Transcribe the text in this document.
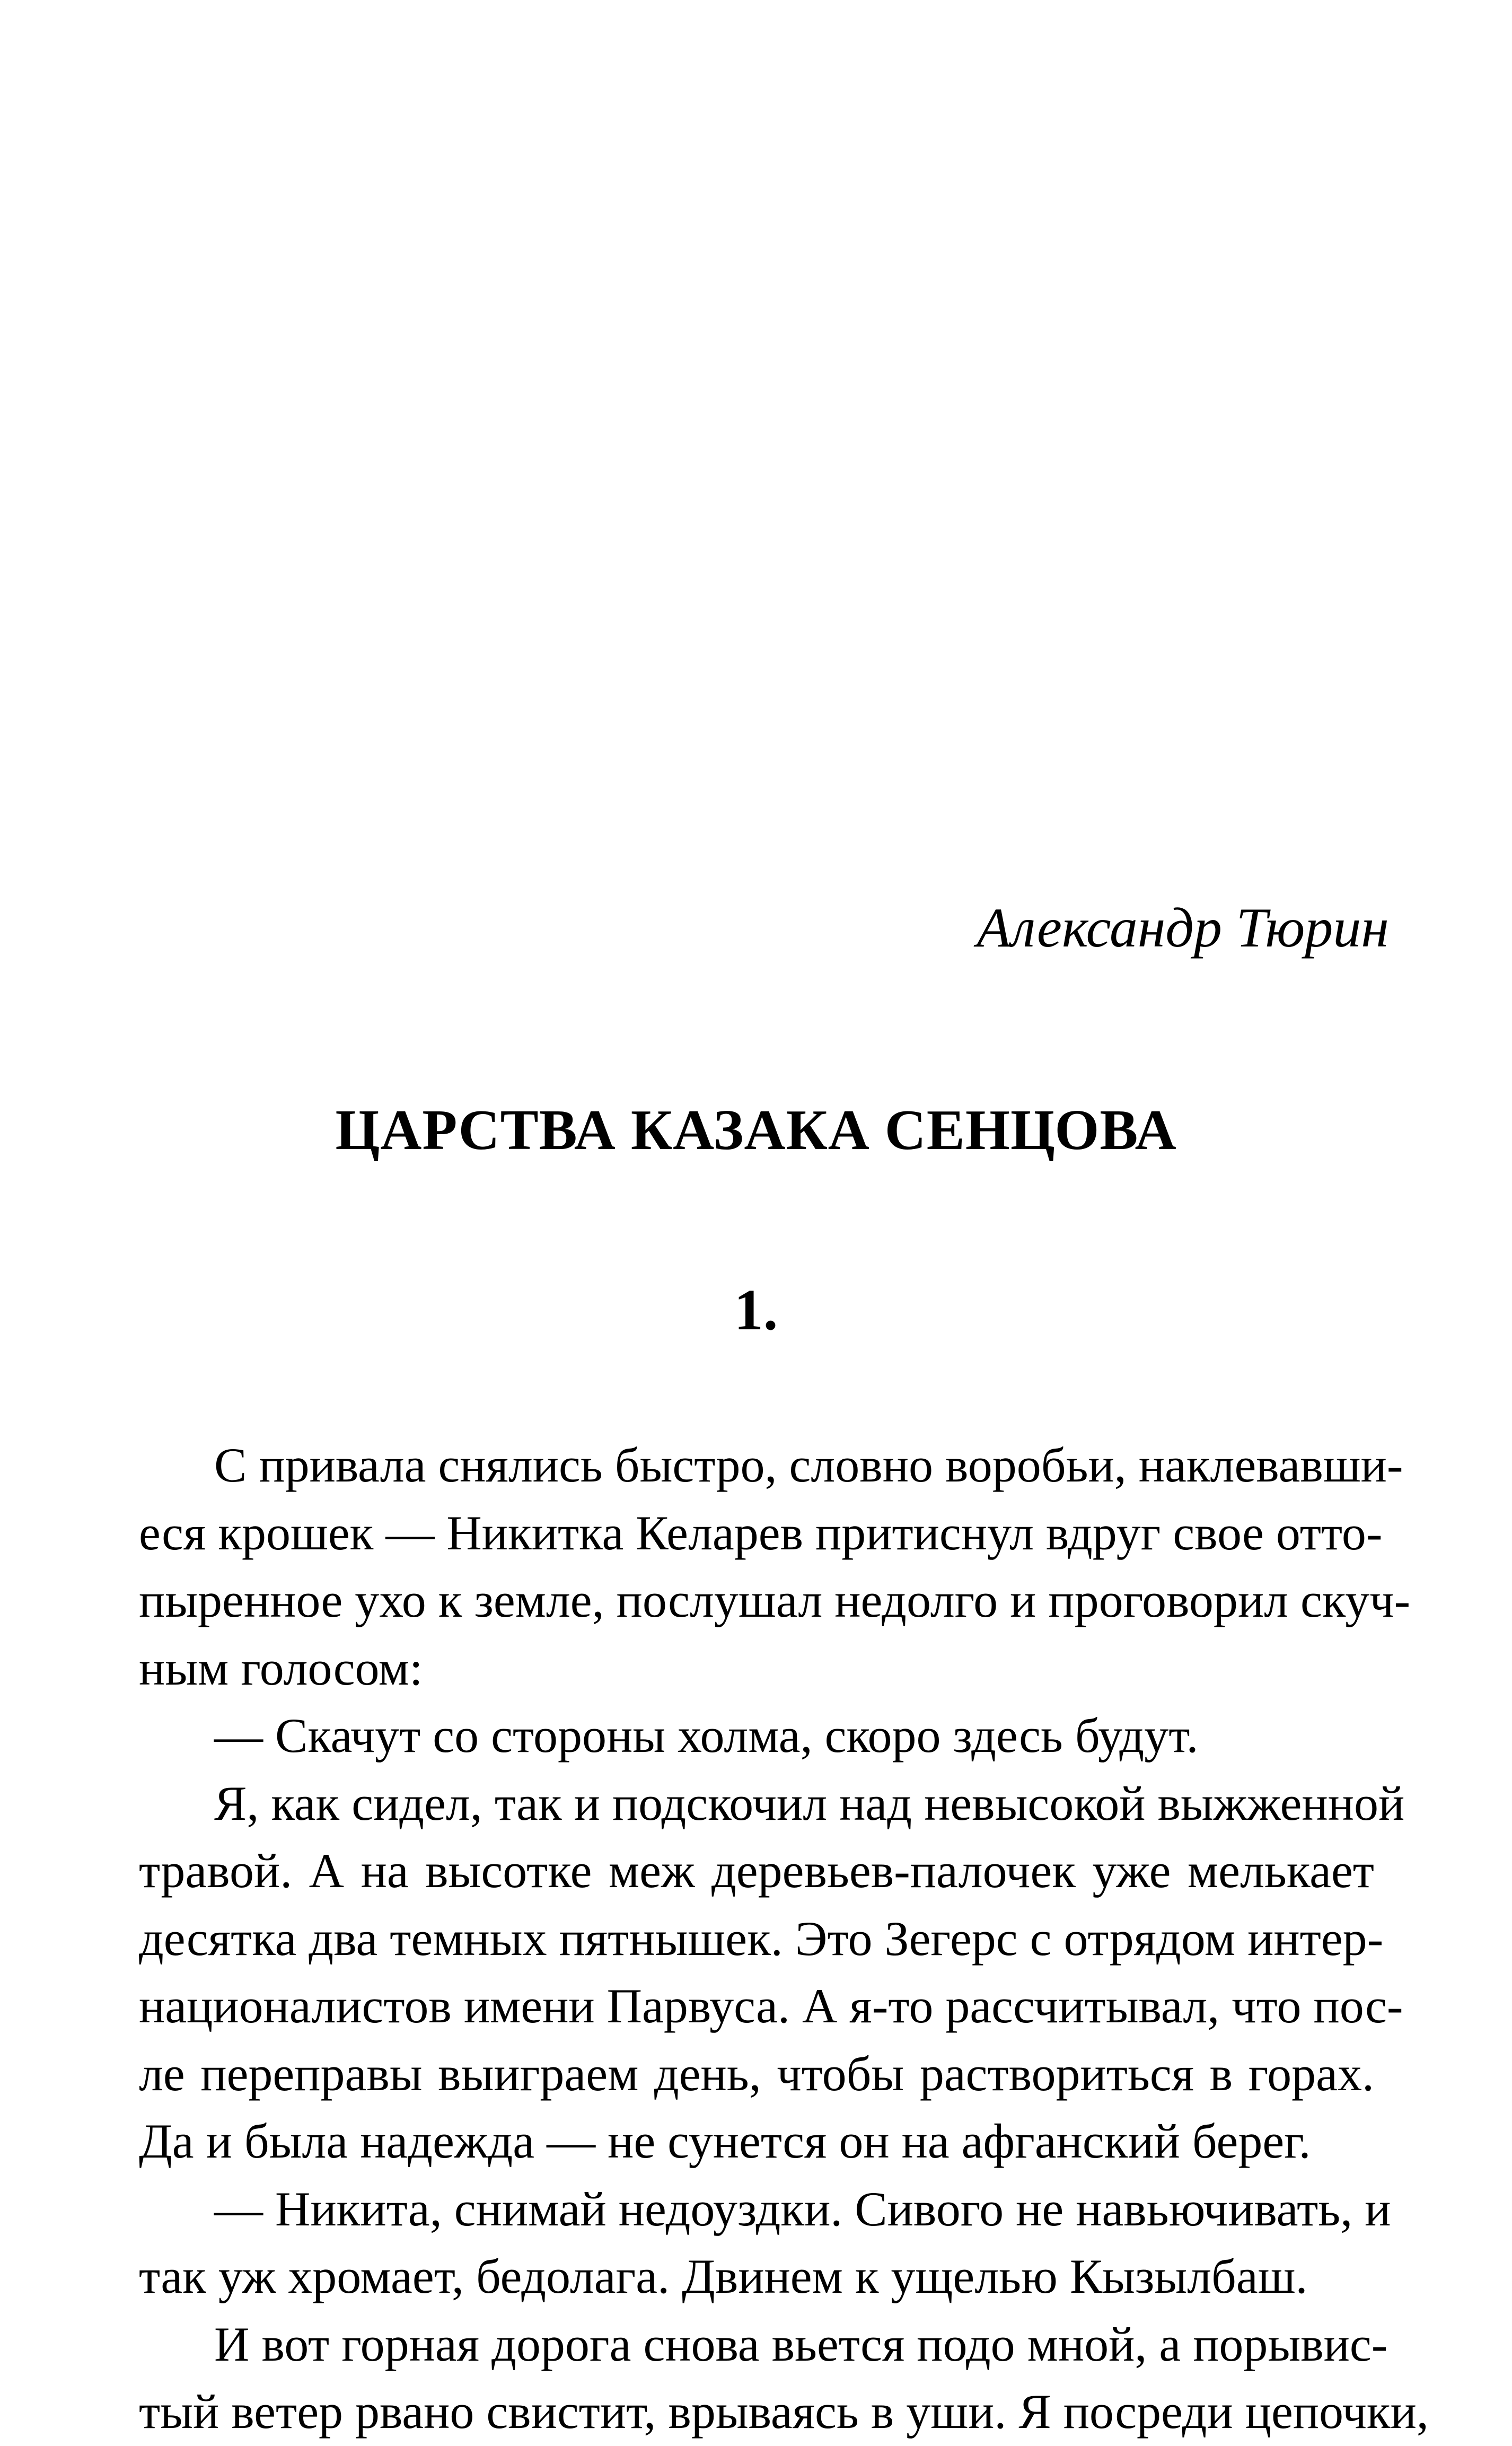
Александр Тюрин
ЦАРСТВА КАЗАКА СЕНЦОВА
1.
С привала снялись быстро, словно воробьи, наклевавши-
еся крошек — Никитка Келарев притиснул вдруг свое отто-
пыренное ухо к земле, послушал недолго и проговорил скуч-
ным голосом:
— Скачут со стороны холма, скоро здесь будут.
Я, как сидел, так и подскочил над невысокой выжженной
травой. А на высотке меж деревьев-палочек уже мелькает
десятка два темных пятнышек. Это Зегерс с отрядом интер-
националистов имени Парвуса. А я-то рассчитывал, что пос-
ле переправы выиграем день, чтобы раствориться в горах.
Да и была надежда — не сунется он на афганский берег.
— Никита, снимай недоуздки. Сивого не навьючивать, и
так уж хромает, бедолага. Двинем к ущелью Кызылбаш.
И вот горная дорога снова вьется подо мной, а порывис-
тый ветер рвано свистит, врываясь в уши. Я посреди цепочки,
